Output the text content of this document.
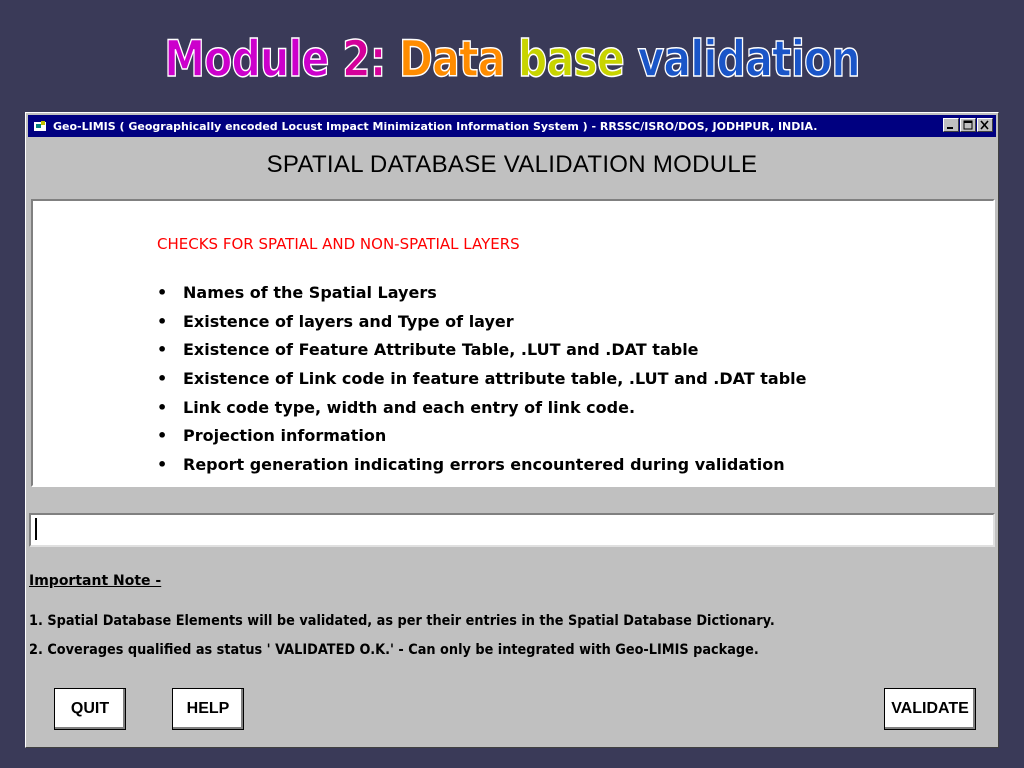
Module 2: Data base validation
Geo-LIMIS ( Geographically encoded Locust Impact Minimization Information System ) - RRSSC/ISRO/DOS, JODHPUR, INDIA.
SPATIAL DATABASE VALIDATION MODULE
CHECKS FOR SPATIAL AND NON-SPATIAL LAYERS
• Names of the Spatial Layers
• Existence of layers and Type of layer
• Existence of Feature Attribute Table, .LUT and .DAT table
• Existence of Link code in feature attribute table, .LUT and .DAT table
• Link code type, width and each entry of link code.
• Projection information
• Report generation indicating errors encountered during validation
Important Note -
1. Spatial Database Elements will be validated, as per their entries in the Spatial Database Dictionary.
2. Coverages qualified as status ' VALIDATED O.K.' - Can only be integrated with Geo-LIMIS package.
QUIT	HELP	VALIDATE
